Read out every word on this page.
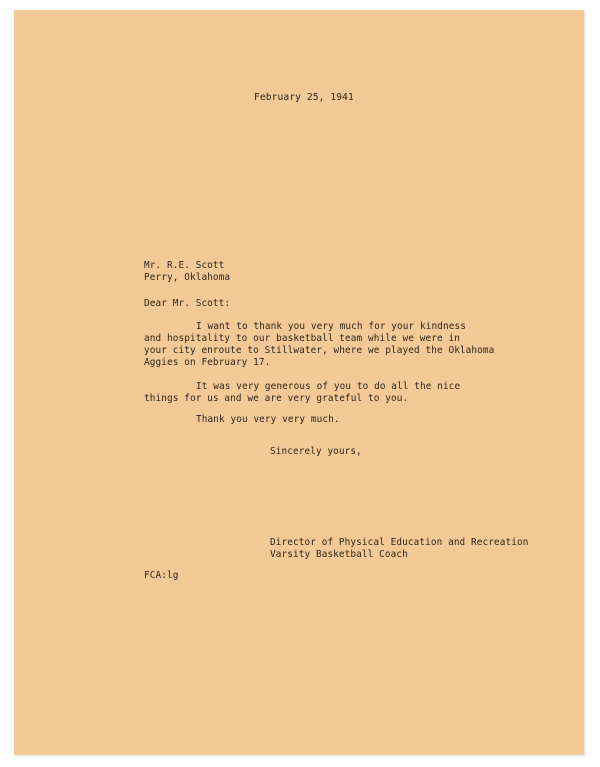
February 25, 1941
Mr. R.E. Scott
Perry, Oklahoma
Dear Mr. Scott:
I want to thank you very much for your kindness
and hospitality to our basketball team while we were in
your city enroute to Stillwater, where we played the Oklahoma
Aggies on February 17.
It was very generous of you to do all the nice
things for us and we are very grateful to you.
Thank you very very much.
Sincerely yours,
Director of Physical Education and Recreation
Varsity Basketball Coach
FCA:lg
